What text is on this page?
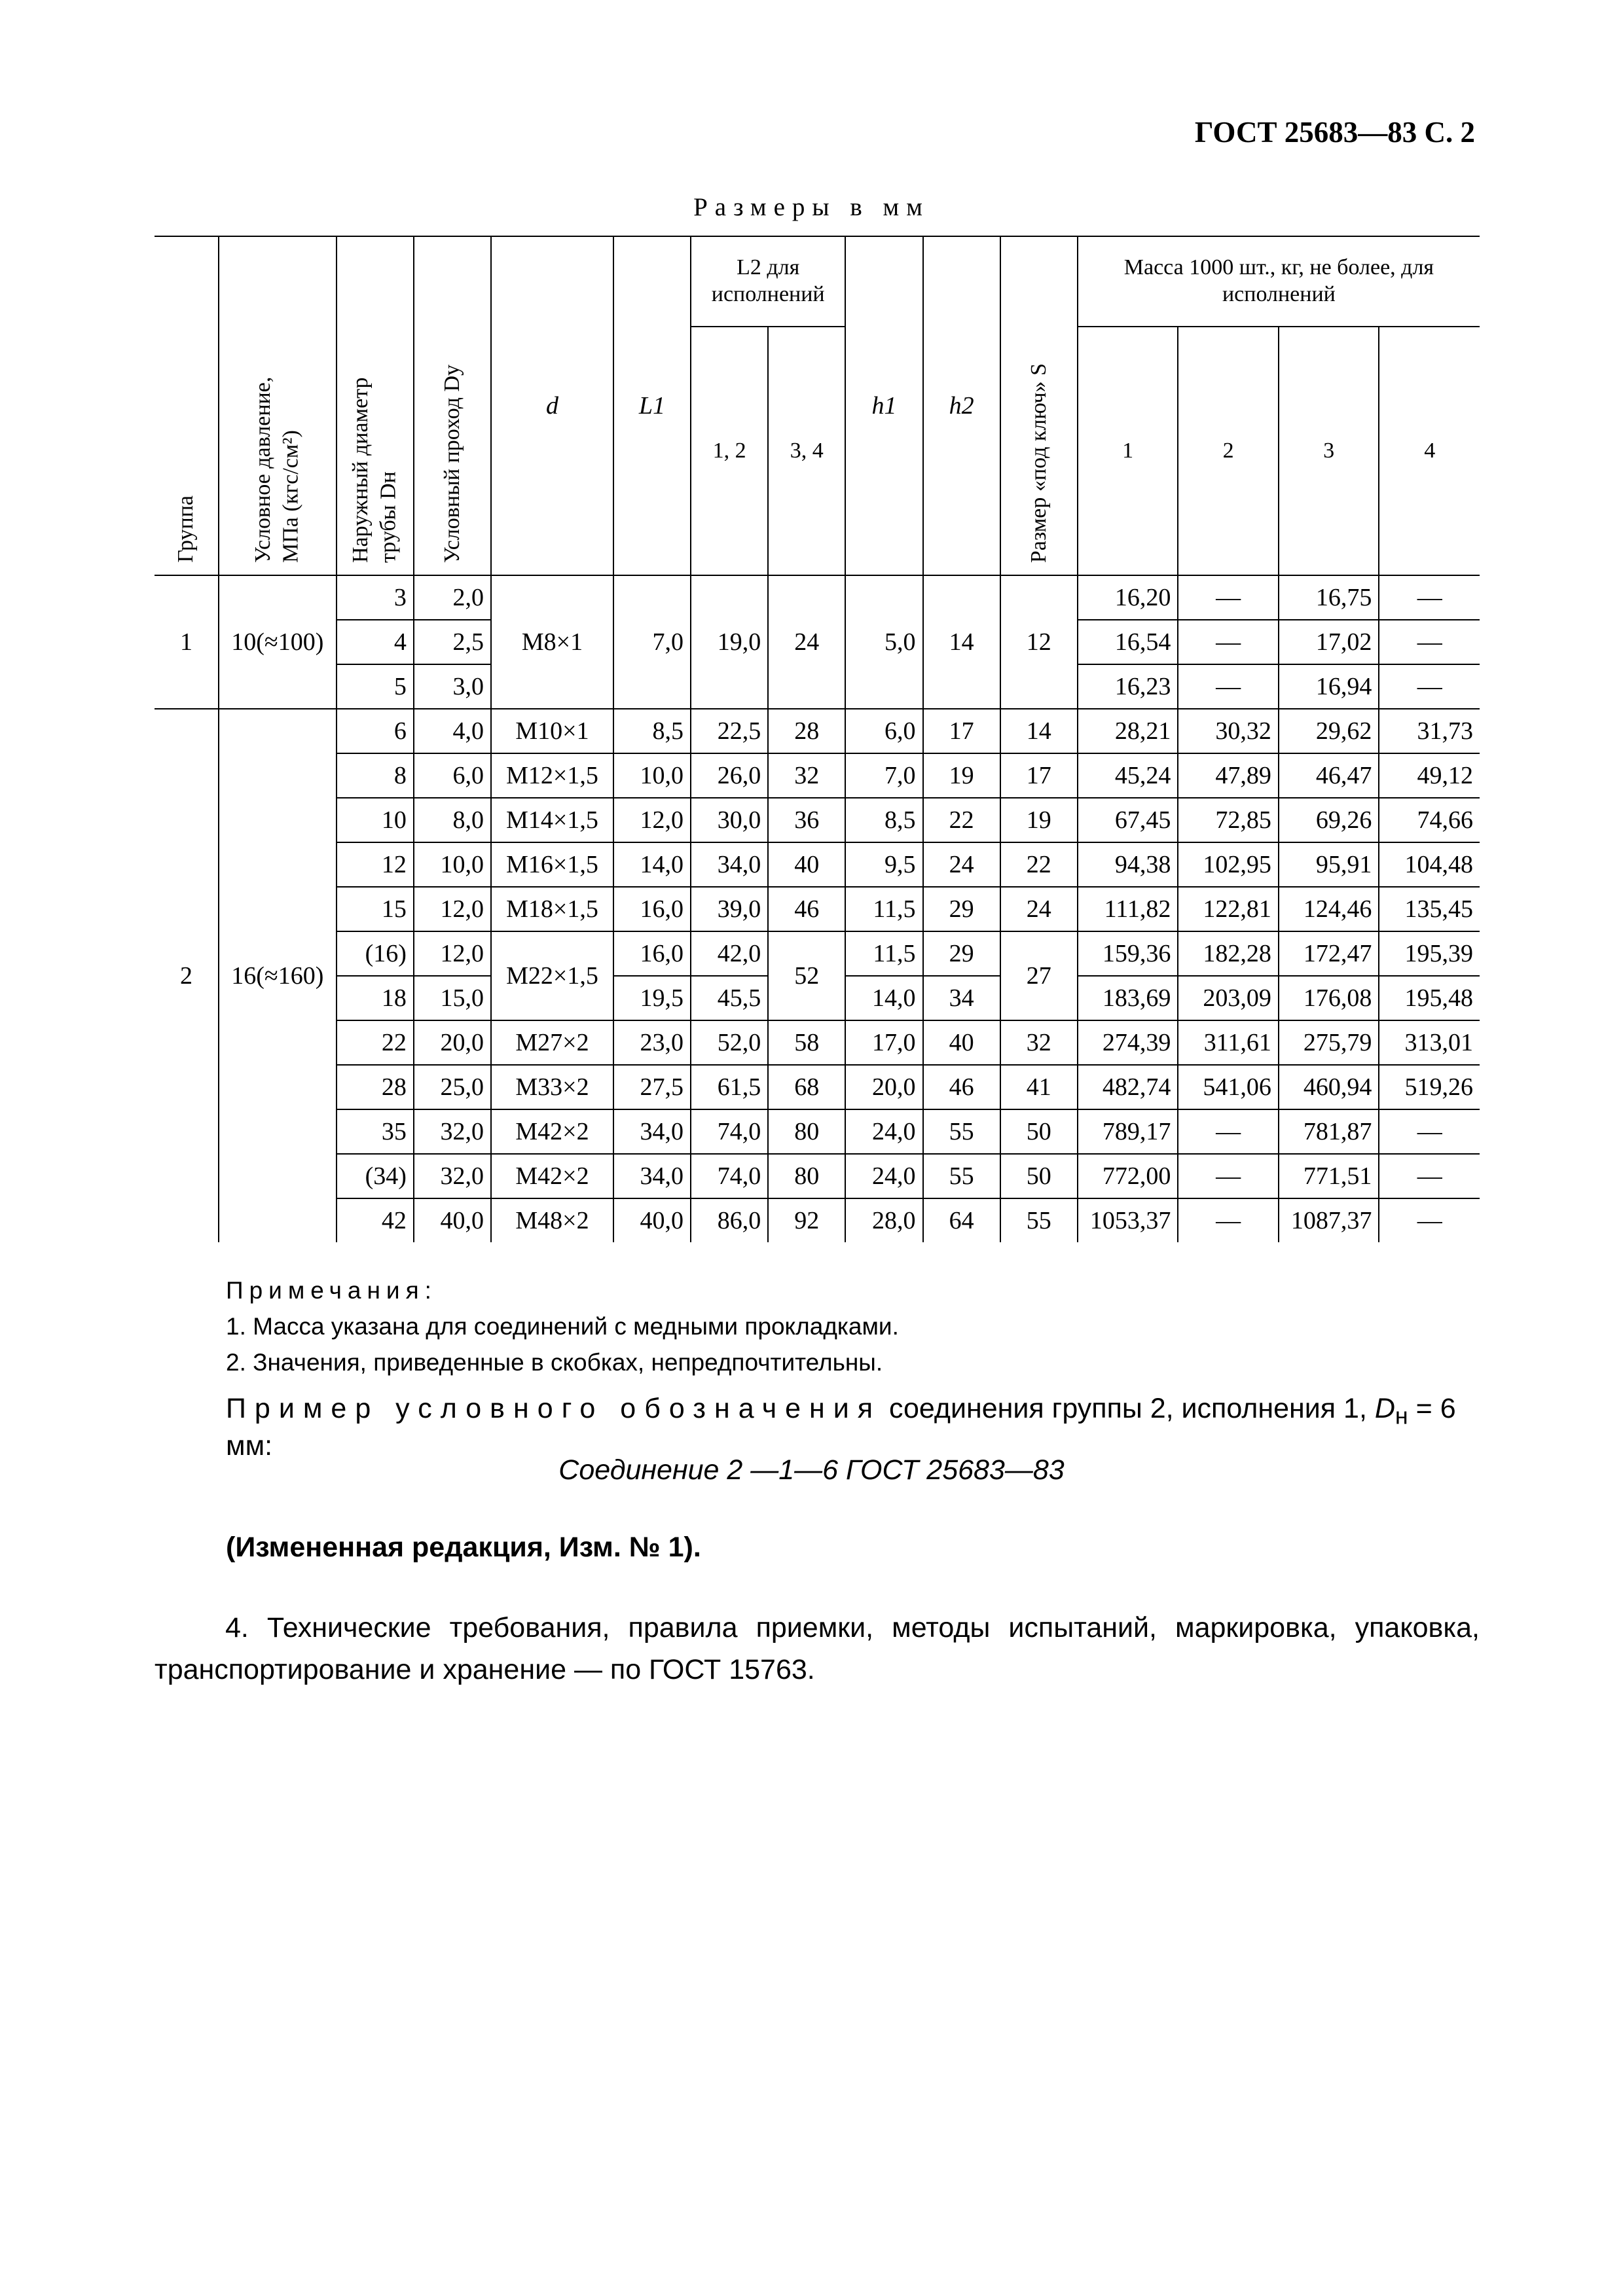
ГОСТ 25683—83 С. 2
Размеры в мм
Группа	Условное давление, МПа (кгс/см²)	Наружный диаметр трубы Dн	Условный проход Dу	d	L1	L2 для исполнений		h1	h2	Размер «под ключ» S	Масса 1000 шт., кг, не более, для исполнений			
						1, 2	3, 4				1	2	3	4
1	10(≈100)	3	2,0	M8×1	7,0	19,0	24	5,0	14	12	16,20	—	16,75	—
		4	2,5								16,54	—	17,02	—
		5	3,0								16,23	—	16,94	—
2	16(≈160)	6	4,0	M10×1	8,5	22,5	28	6,0	17	14	28,21	30,32	29,62	31,73
		8	6,0	M12×1,5	10,0	26,0	32	7,0	19	17	45,24	47,89	46,47	49,12
		10	8,0	M14×1,5	12,0	30,0	36	8,5	22	19	67,45	72,85	69,26	74,66
		12	10,0	M16×1,5	14,0	34,0	40	9,5	24	22	94,38	102,95	95,91	104,48
		15	12,0	M18×1,5	16,0	39,0	46	11,5	29	24	111,82	122,81	124,46	135,45
		(16)	12,0	M22×1,5	16,0	42,0	52	11,5	29	27	159,36	182,28	172,47	195,39
		18	15,0		19,5	45,5		14,0	34		183,69	203,09	176,08	195,48
		22	20,0	M27×2	23,0	52,0	58	17,0	40	32	274,39	311,61	275,79	313,01
		28	25,0	M33×2	27,5	61,5	68	20,0	46	41	482,74	541,06	460,94	519,26
		35	32,0	M42×2	34,0	74,0	80	24,0	55	50	789,17	—	781,87	—
		(34)	32,0	M42×2	34,0	74,0	80	24,0	55	50	772,00	—	771,51	—
		42	40,0	M48×2	40,0	86,0	92	28,0	64	55	1053,37	—	1087,37	—
Примечания:
1. Масса указана для соединений с медными прокладками.
2. Значения, приведенные в скобках, непредпочтительны.
Пример условного обозначения соединения группы 2, исполнения 1, $D_н = 6$ мм:
Соединение 2 —1—6 ГОСТ 25683—83
(Измененная редакция, Изм. № 1).
4. Технические требования, правила приемки, методы испытаний, маркировка, упаковка, транспортирование и хранение — по ГОСТ 15763.
